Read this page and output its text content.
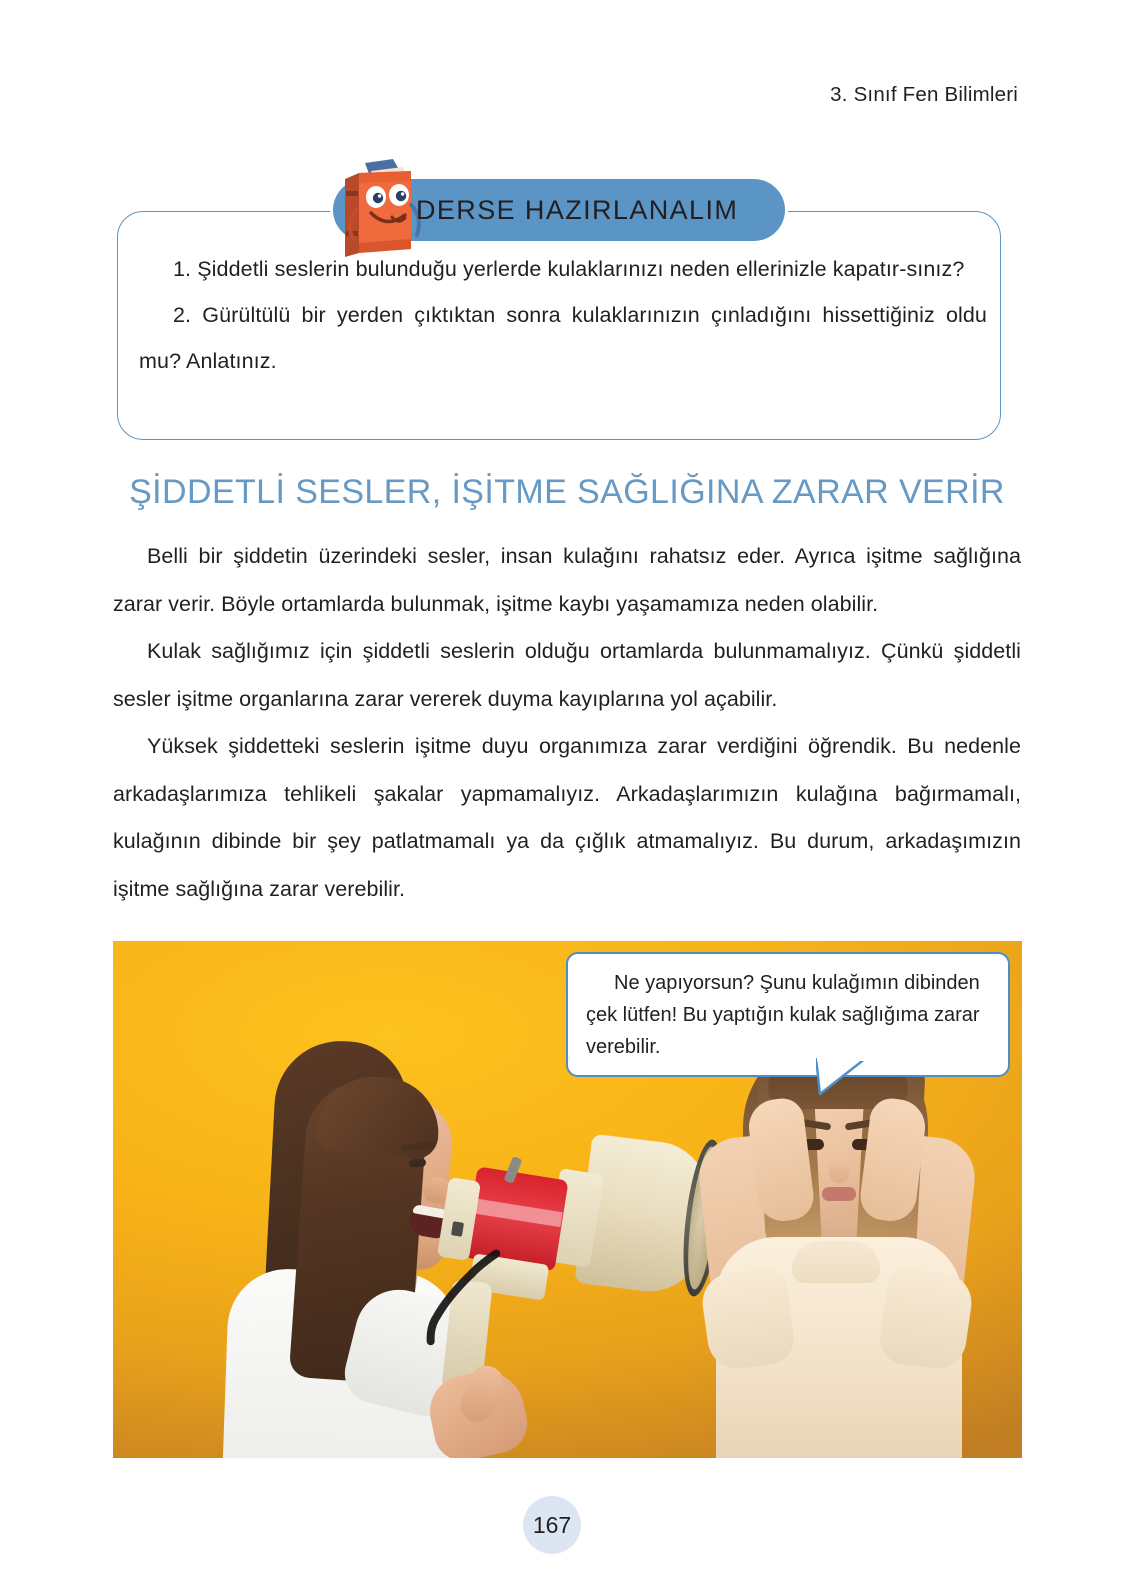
3. Sınıf Fen Bilimleri
DERSE HAZIRLANALIM

1. Şiddetli seslerin bulunduğu yerlerde kulaklarınızı neden ellerinizle kapatır‑sınız?

2. Gürültülü bir yerden çıktıktan sonra kulaklarınızın çınladığını hissettiğiniz oldu mu? Anlatınız.

ŞİDDETLİ SESLER, İŞİTME SAĞLIĞINA ZARAR VERİR

Belli bir şiddetin üzerindeki sesler, insan kulağını rahatsız eder. Ayrıca işitme sağlığına zarar verir. Böyle ortamlarda bulunmak, işitme kaybı yaşamamıza neden olabilir.

Kulak sağlığımız için şiddetli seslerin olduğu ortamlarda bulunmamalıyız. Çünkü şiddetli sesler işitme organlarına zarar vererek duyma kayıplarına yol açabilir.

Yüksek şiddetteki seslerin işitme duyu organımıza zarar verdiğini öğrendik. Bu nedenle arkadaşlarımıza tehlikeli şakalar yapmamalıyız. Arkadaşlarımızın kulağına bağırmamalı, kulağının dibinde bir şey patlatmamalı ya da çığlık atmamalıyız. Bu durum, arkadaşımızın işitme sağlığına zarar verebilir.

Ne yapıyorsun? Şunu kulağımın dibinden çek lütfen! Bu yaptığın kulak sağlığıma zarar verebilir.

167
